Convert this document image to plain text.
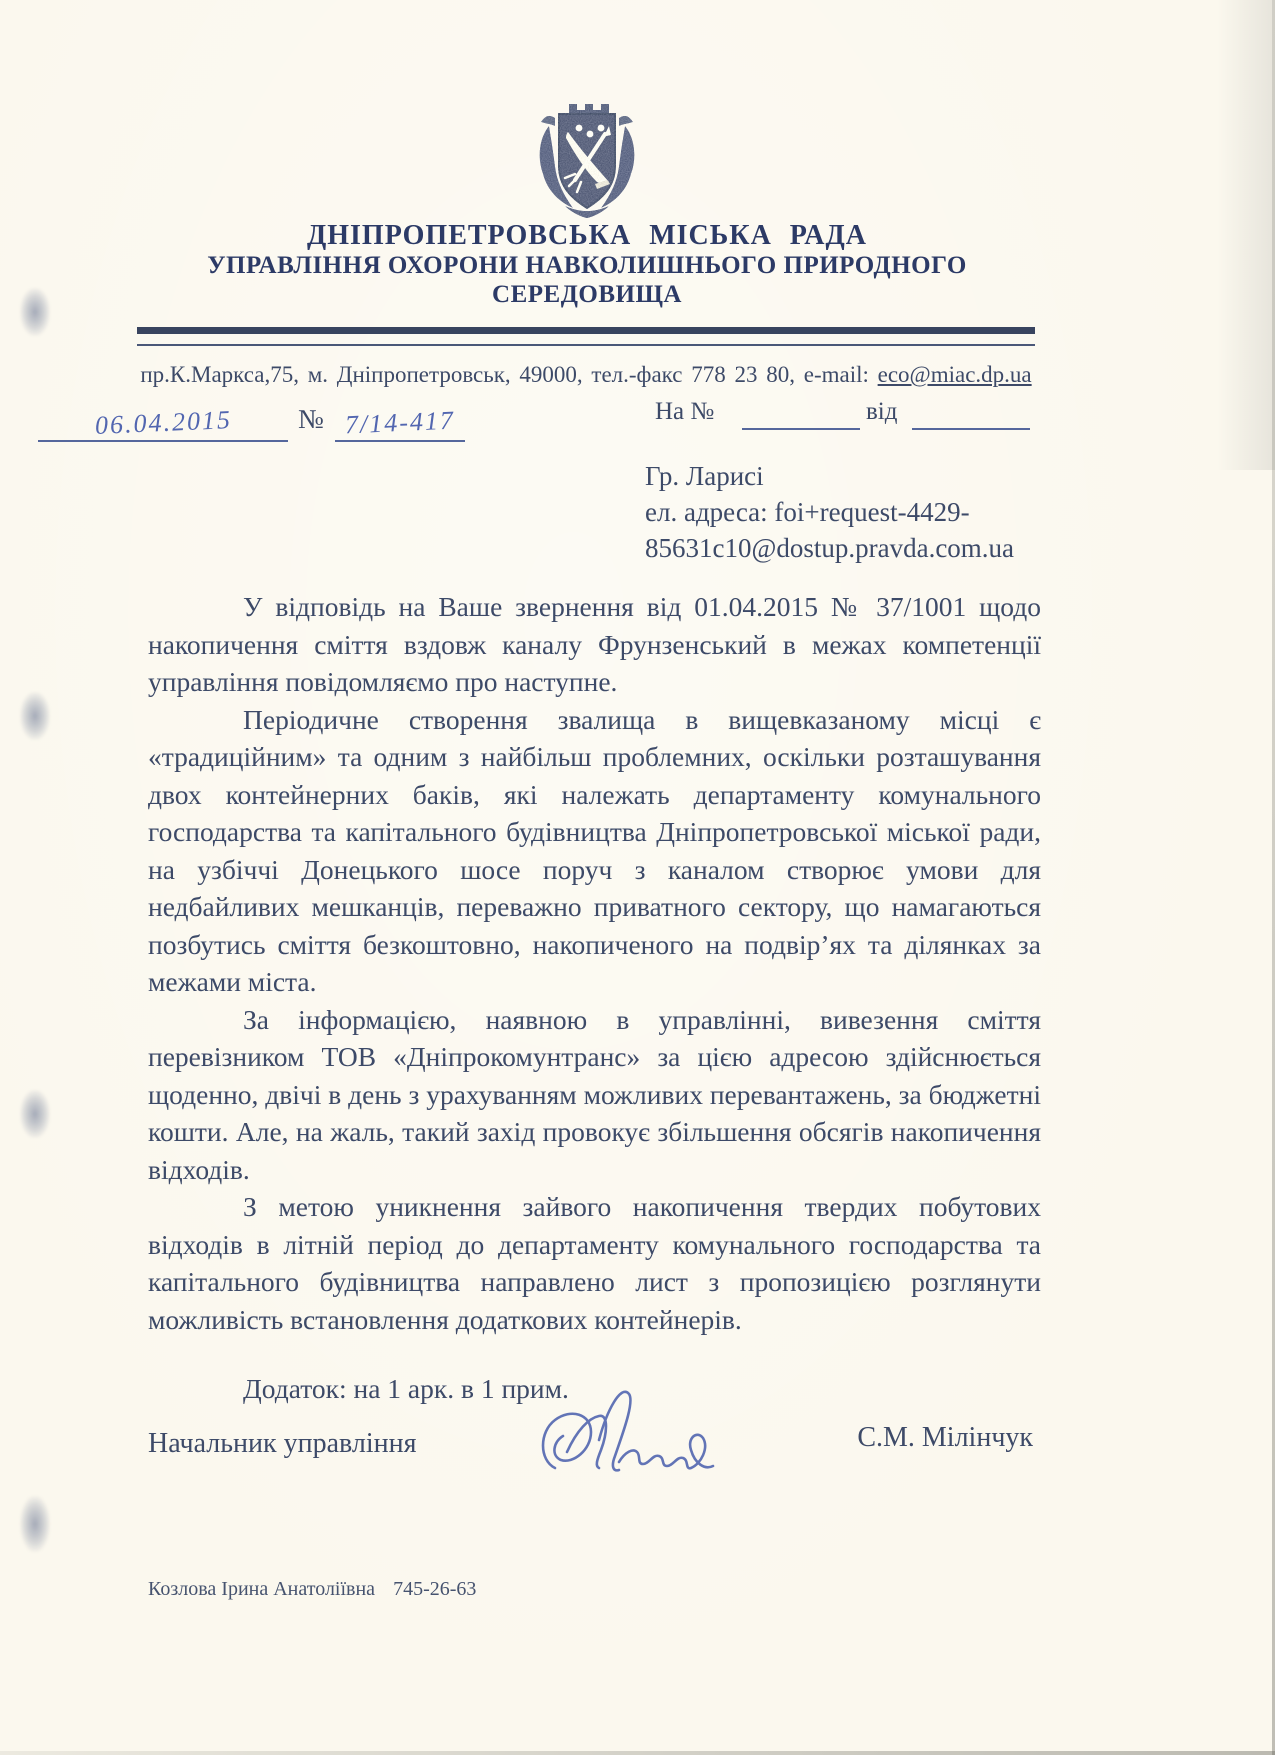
ДНІПРОПЕТРОВСЬКА МІСЬКА РАДА
УПРАВЛІННЯ ОХОРОНИ НАВКОЛИШНЬОГО ПРИРОДНОГО
СЕРЕДОВИЩА
пр.К.Маркса,75, м. Дніпропетровськ, 49000, тел.-факс 778 23 80, e-mail: eco@miac.dp.ua
06.04.2015	№ 7/14-417	На №	від
Гр. Ларисі
ел. адреса: foi+request-4429-
85631c10@dostup.pravda.com.ua

У відповідь на Ваше звернення від 01.04.2015 № 37/1001 щодо накопичення сміття вздовж каналу Фрунзенський в межах компетенції управління повідомляємо про наступне.

Періодичне створення звалища в вищевказаному місці є «традиційним» та одним з найбільш проблемних, оскільки розташування двох контейнерних баків, які належать департаменту комунального господарства та капітального будівництва Дніпропетровської міської ради, на узбіччі Донецького шосе поруч з каналом створює умови для недбайливих мешканців, переважно приватного сектору, що намагаються позбутись сміття безкоштовно, накопиченого на подвір’ях та ділянках за межами міста.

За інформацією, наявною в управлінні, вивезення сміття перевізником ТОВ «Дніпрокомунтранс» за цією адресою здійснюється щоденно, двічі в день з урахуванням можливих перевантажень, за бюджетні кошти. Але, на жаль, такий захід провокує збільшення обсягів накопичення відходів.

З метою уникнення зайвого накопичення твердих побутових відходів в літній період до департаменту комунального господарства та капітального будівництва направлено лист з пропозицією розглянути можливість встановлення додаткових контейнерів.

Додаток: на 1 арк. в 1 прим.

Начальник управління	С.М. Мілінчук
Козлова Ірина Анатоліївна 745-26-63
